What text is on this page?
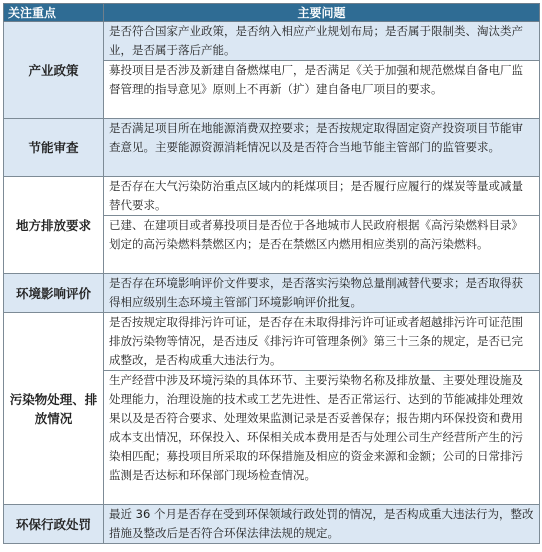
关注重点	主要问题
产业政策	是否符合国家产业政策，是否纳入相应产业规划布局；是否属于限制类、淘汰类产业，是否属于落后产能。
	募投项目是否涉及新建自备燃煤电厂，是否满足《关于加强和规范燃煤自备电厂监督管理的指导意见》原则上不再新（扩）建自备电厂项目的要求。
节能审查	是否满足项目所在地能源消费双控要求；是否按规定取得固定资产投资项目节能审查意见。主要能源资源消耗情况以及是否符合当地节能主管部门的监管要求。
地方排放要求	是否存在大气污染防治重点区域内的耗煤项目；是否履行应履行的煤炭等量或减量替代要求。
	已建、在建项目或者募投项目是否位于各地城市人民政府根据《高污染燃料目录》划定的高污染燃料禁燃区内；是否在禁燃区内燃用相应类别的高污染燃料。
环境影响评价	是否存在环境影响评价文件要求，是否落实污染物总量削减替代要求；是否取得获得相应级别生态环境主管部门环境影响评价批复。
污染物处理、排放情况	是否按规定取得排污许可证，是否存在未取得排污许可证或者超越排污许可证范围排放污染物等情况，是否违反《排污许可管理条例》第三十三条的规定，是否已完成整改，是否构成重大违法行为。
	生产经营中涉及环境污染的具体环节、主要污染物名称及排放量、主要处理设施及处理能力，治理设施的技术或工艺先进性、是否正常运行、达到的节能减排处理效果以及是否符合要求、处理效果监测记录是否妥善保存；报告期内环保投资和费用成本支出情况，环保投入、环保相关成本费用是否与处理公司生产经营所产生的污染相匹配；募投项目所采取的环保措施及相应的资金来源和金额；公司的日常排污监测是否达标和环保部门现场检查情况。
环保行政处罚	最近 36 个月是否存在受到环保领域行政处罚的情况，是否构成重大违法行为，整改措施及整改后是否符合环保法律法规的规定。
